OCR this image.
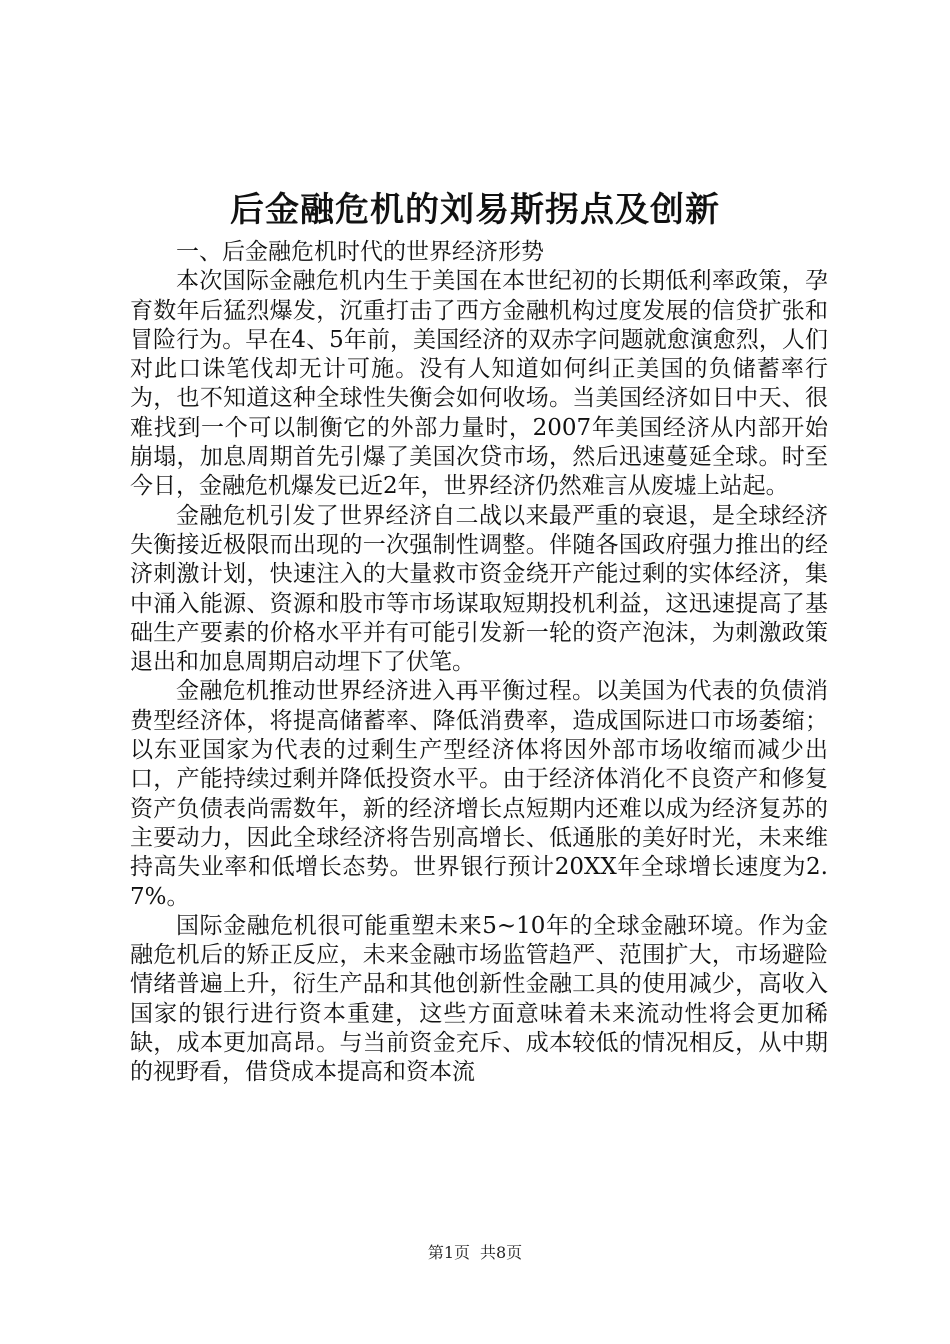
后金融危机的刘易斯拐点及创新

一、后金融危机时代的世界经济形势

本次国际金融危机内生于美国在本世纪初的长期低利率政策，孕育数年后猛烈爆发，沉重打击了西方金融机构过度发展的信贷扩张和冒险行为。早在4、5年前，美国经济的双赤字问题就愈演愈烈，人们对此口诛笔伐却无计可施。没有人知道如何纠正美国的负储蓄率行为，也不知道这种全球性失衡会如何收场。当美国经济如日中天、很难找到一个可以制衡它的外部力量时，2007年美国经济从内部开始崩塌，加息周期首先引爆了美国次贷市场，然后迅速蔓延全球。时至今日，金融危机爆发已近2年，世界经济仍然难言从废墟上站起。

金融危机引发了世界经济自二战以来最严重的衰退，是全球经济失衡接近极限而出现的一次强制性调整。伴随各国政府强力推出的经济刺激计划，快速注入的大量救市资金绕开产能过剩的实体经济，集中涌入能源、资源和股市等市场谋取短期投机利益，这迅速提高了基础生产要素的价格水平并有可能引发新一轮的资产泡沫，为刺激政策退出和加息周期启动埋下了伏笔。

金融危机推动世界经济进入再平衡过程。以美国为代表的负债消费型经济体，将提高储蓄率、降低消费率，造成国际进口市场萎缩；以东亚国家为代表的过剩生产型经济体将因外部市场收缩而减少出口，产能持续过剩并降低投资水平。由于经济体消化不良资产和修复资产负债表尚需数年，新的经济增长点短期内还难以成为经济复苏的主要动力，因此全球经济将告别高增长、低通胀的美好时光，未来维持高失业率和低增长态势。世界银行预计20XX年全球增长速度为2.7%。

国际金融危机很可能重塑未来5~10年的全球金融环境。作为金融危机后的矫正反应，未来金融市场监管趋严、范围扩大，市场避险情绪普遍上升，衍生产品和其他创新性金融工具的使用减少，高收入国家的银行进行资本重建，这些方面意味着未来流动性将会更加稀缺，成本更加高昂。与当前资金充斥、成本较低的情况相反，从中期的视野看，借贷成本提高和资本流

第1页 共8页
